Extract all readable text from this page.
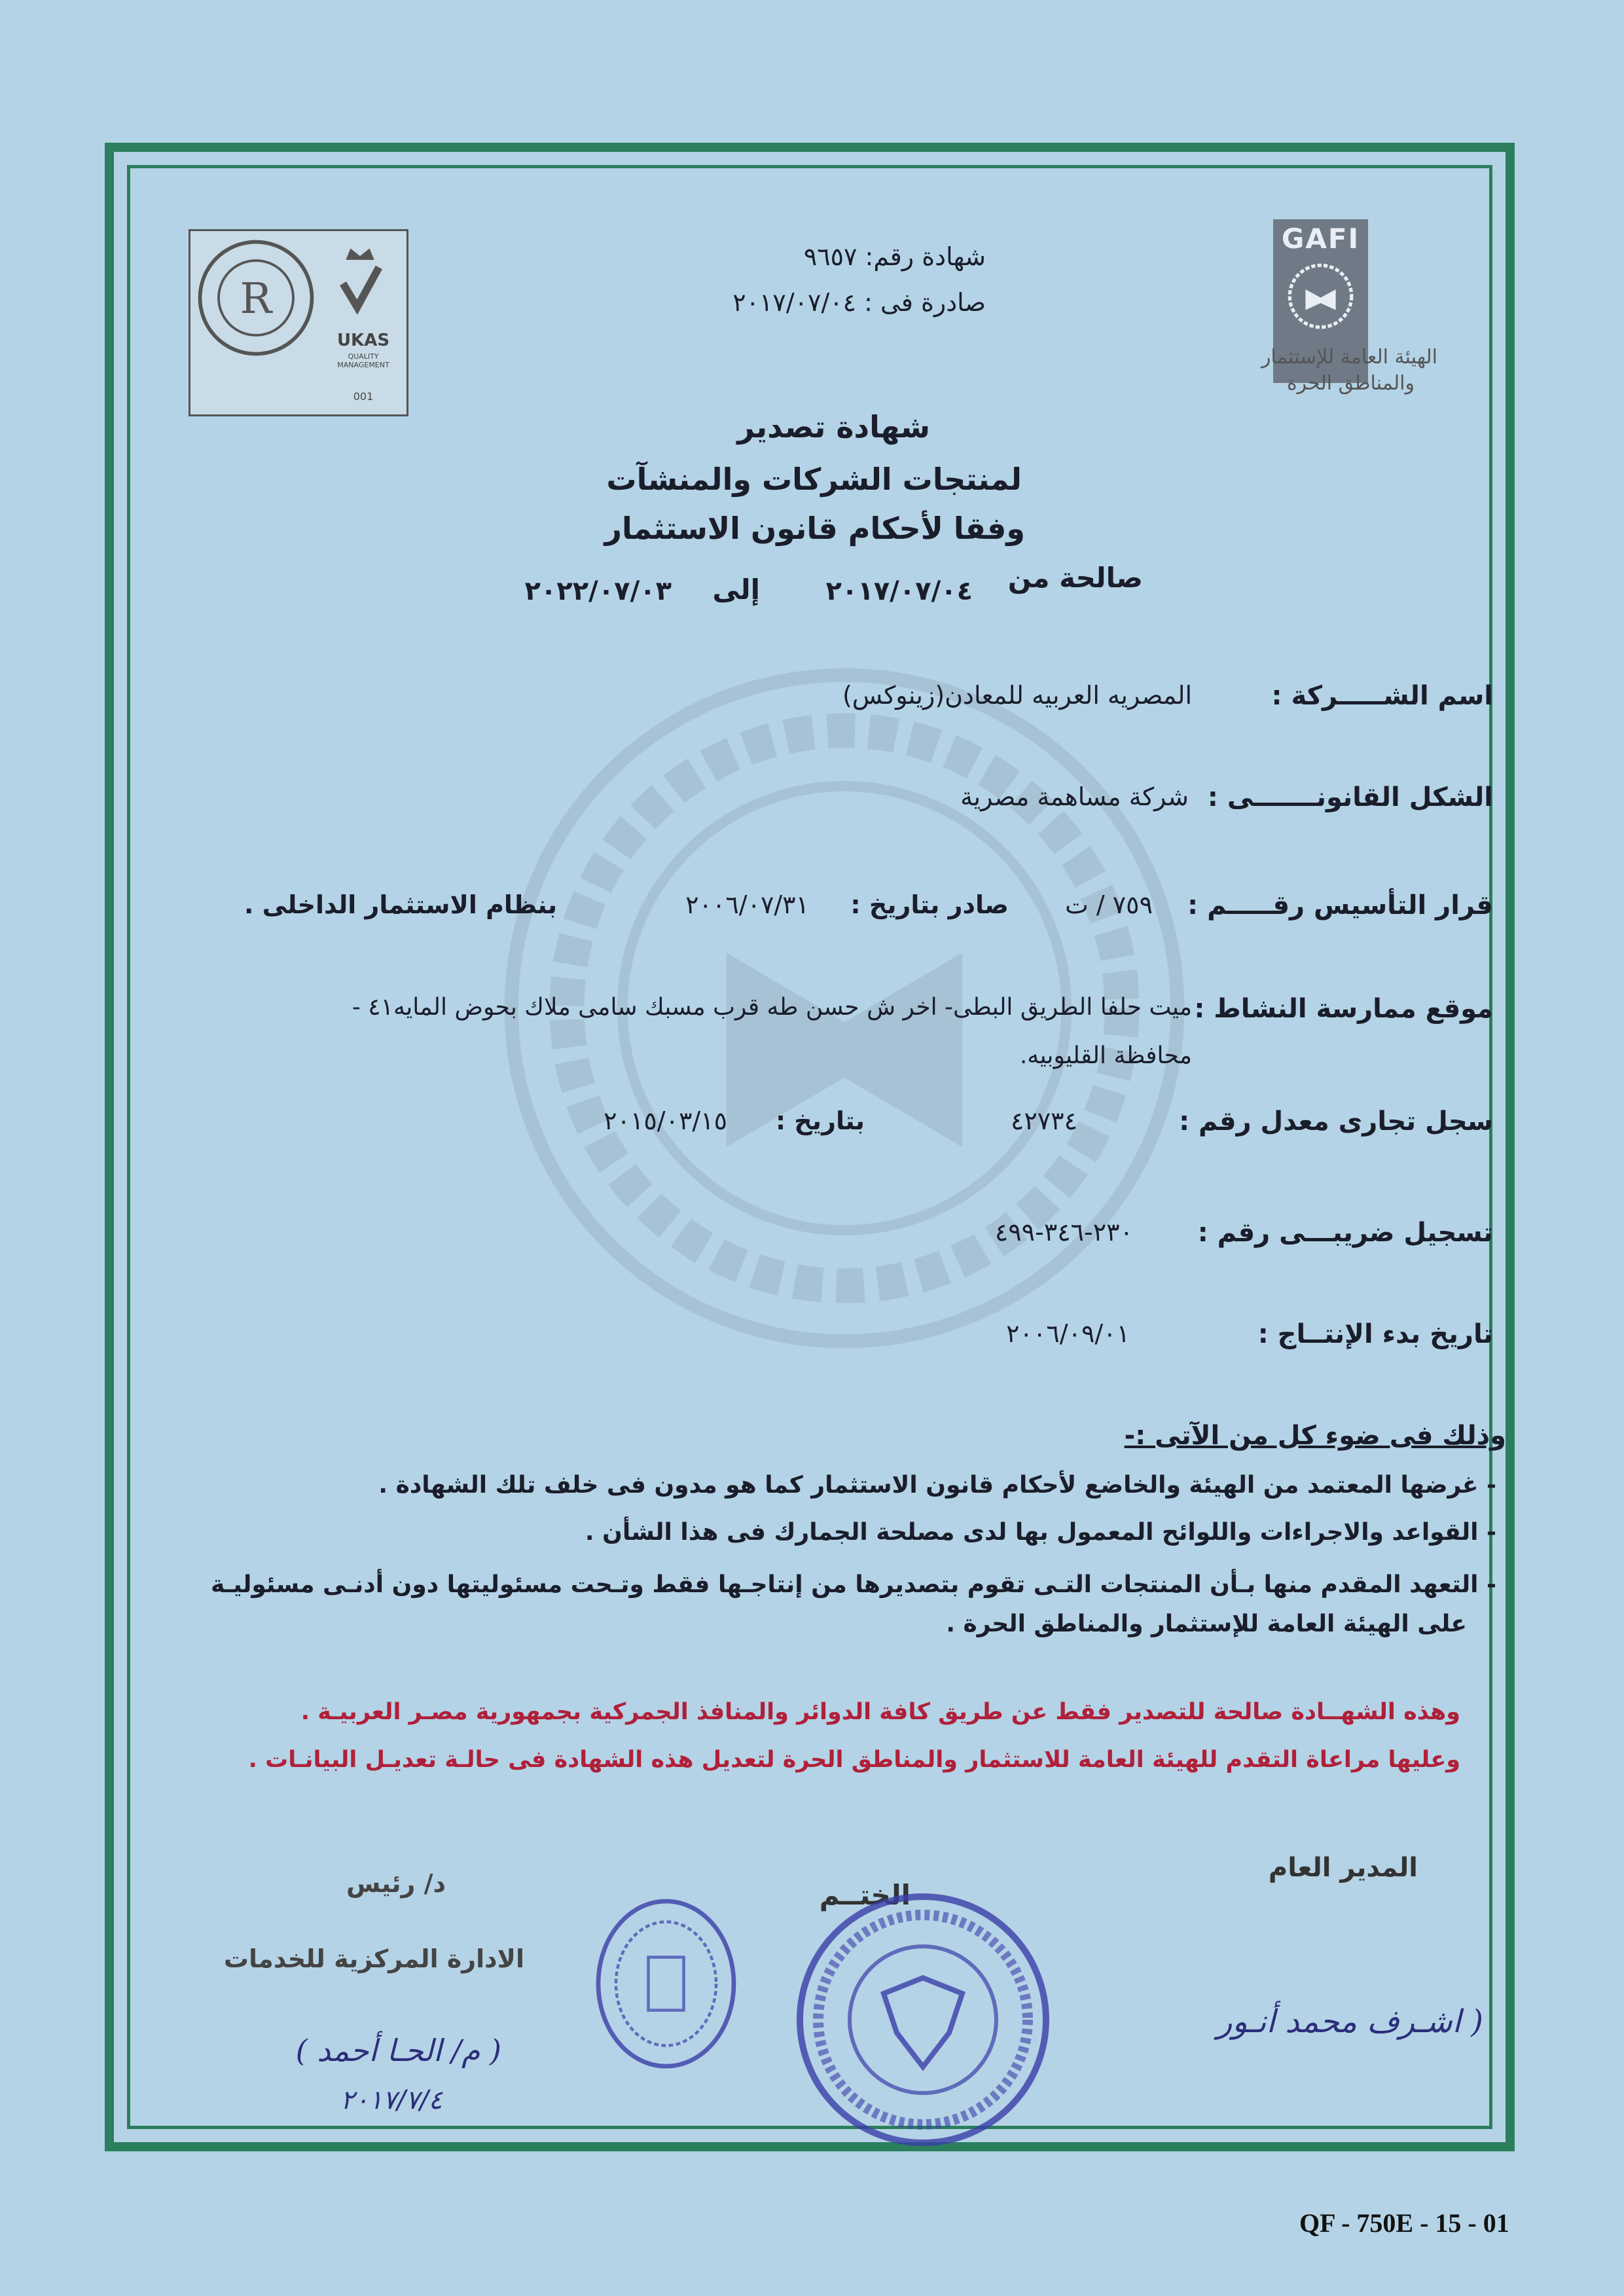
GAFI
الهيئة العامة للإستثمار
والمناطق الحرة
R
UKAS
QUALITY MANAGEMENT
001
شهادة رقم: ٩٦٥٧
صادرة فى : ٢٠١٧/٠٧/٠٤
شهادة تصدير
لمنتجات الشركات والمنشآت
وفقا لأحكام قانون الاستثمار
صالحة من
٢٠١٧/٠٧/٠٤
إلى
٢٠٢٢/٠٧/٠٣
اسم الشـــــركة :
المصريه العربيه للمعادن(زينوكس)
الشكل القانونـــــــى :
شركة مساهمة مصرية
قرار التأسيس رقـــــم :
٧٥٩ / ت
صادر بتاريخ :
٢٠٠٦/٠٧/٣١
بنظام الاستثمار الداخلى .
موقع ممارسة النشاط :
ميت حلفا الطريق البطى- اخر ش حسن طه قرب مسبك سامى ملاك بحوض المايه٤١ -
محافظة القليوبيه.
سجل تجارى معدل رقم :
٤٢٧٣٤
بتاريخ :
٢٠١٥/٠٣/١٥
تسجيل ضريبـــى رقم :
٢٣٠-٣٤٦-٤٩٩
تاريخ بدء الإنتــاج :
٢٠٠٦/٠٩/٠١
وذلك فى ضوء كل من الآتى :-
- غرضها المعتمد من الهيئة والخاضع لأحكام قانون الاستثمار كما هو مدون فى خلف تلك الشهادة .
- القواعد والاجراءات واللوائح المعمول بها لدى مصلحة الجمارك فى هذا الشأن .
- التعهد المقدم منها بـأن المنتجات التـى تقوم بتصديرها من إنتاجـها فقط وتـحت مسئوليتها دون أدنـى مسئوليـة
على الهيئة العامة للإستثمار والمناطق الحرة .
وهذه الشهــادة صالحة للتصدير فقط عن طريق كافة الدوائر والمنافذ الجمركية بجمهورية مصـر العربيـة .
وعليها مراعاة التقدم للهيئة العامة للاستثمار والمناطق الحرة لتعديل هذه الشهادة فى حالـة تعديـل البيانـات .
المدير العام
( اشـرف محمد أنـور
الختــم
د/ رئيس
الادارة المركزية للخدمات
( م/ الحـا أحمد )
٢٠١٧/٧/٤
QF - 750E - 15 - 01
